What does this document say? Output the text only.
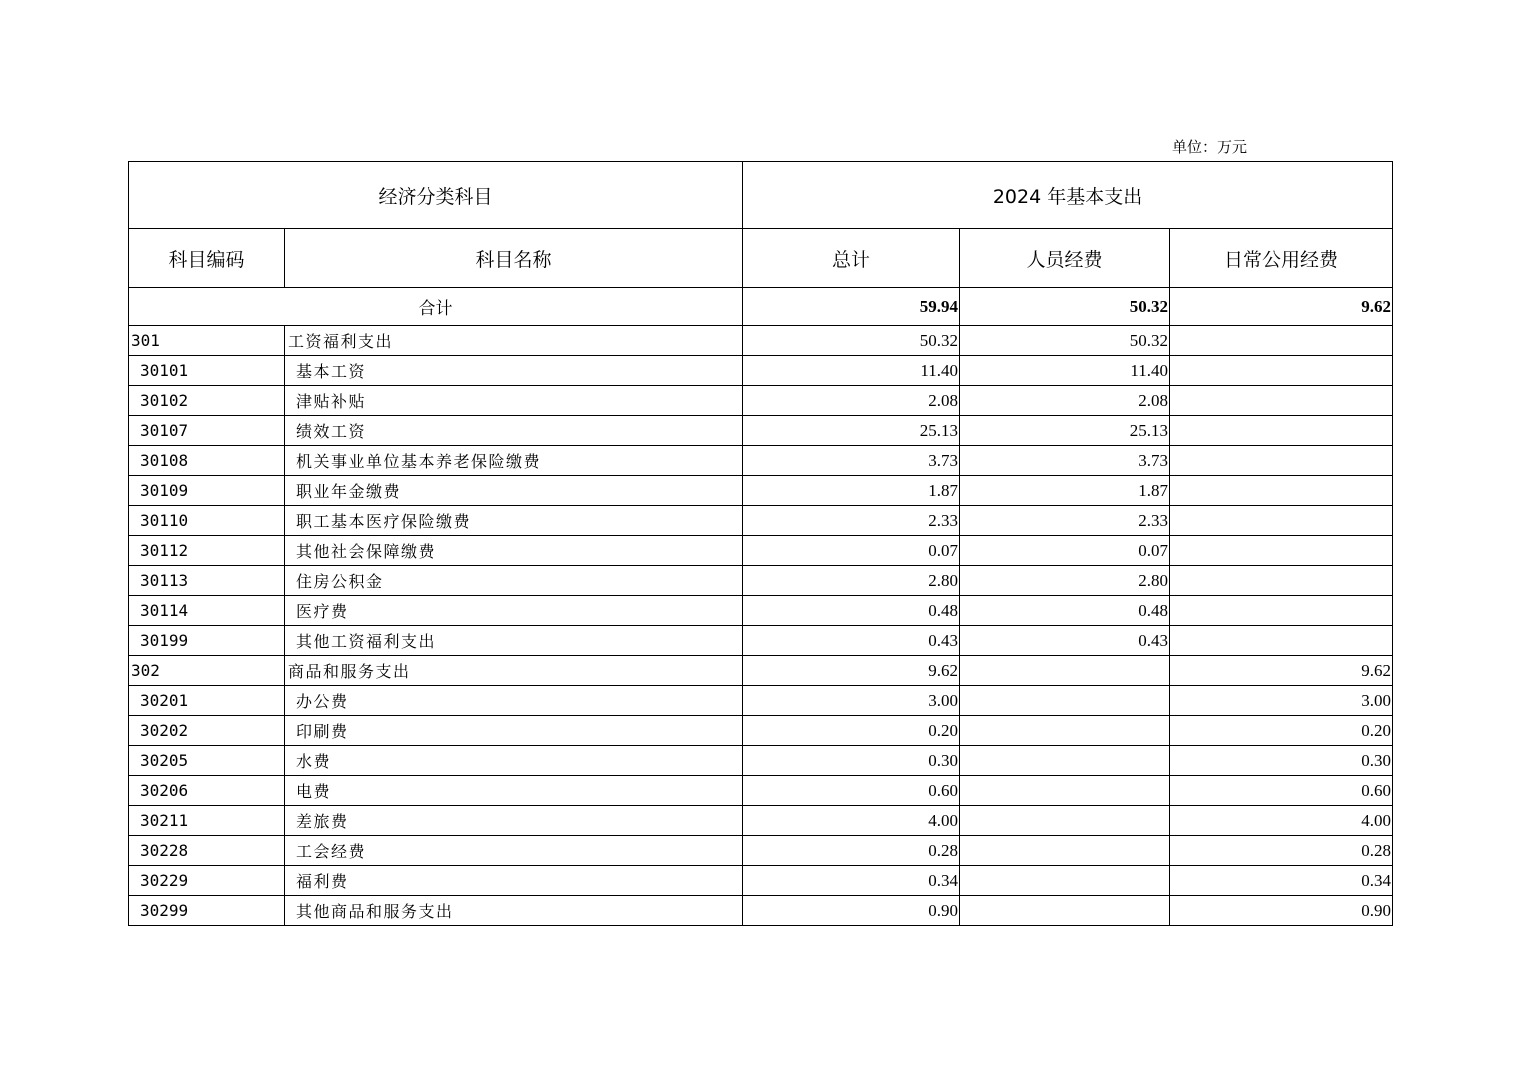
单位：万元
经济分类科目		2024 年基本支出		
科目编码	科目名称	总计	人员经费	日常公用经费
合计		59.94	50.32	9.62
301	工资福利支出	50.32	50.32	
30101	基本工资	11.40	11.40	
30102	津贴补贴	2.08	2.08	
30107	绩效工资	25.13	25.13	
30108	机关事业单位基本养老保险缴费	3.73	3.73	
30109	职业年金缴费	1.87	1.87	
30110	职工基本医疗保险缴费	2.33	2.33	
30112	其他社会保障缴费	0.07	0.07	
30113	住房公积金	2.80	2.80	
30114	医疗费	0.48	0.48	
30199	其他工资福利支出	0.43	0.43	
302	商品和服务支出	9.62		9.62
30201	办公费	3.00		3.00
30202	印刷费	0.20		0.20
30205	水费	0.30		0.30
30206	电费	0.60		0.60
30211	差旅费	4.00		4.00
30228	工会经费	0.28		0.28
30229	福利费	0.34		0.34
30299	其他商品和服务支出	0.90		0.90
